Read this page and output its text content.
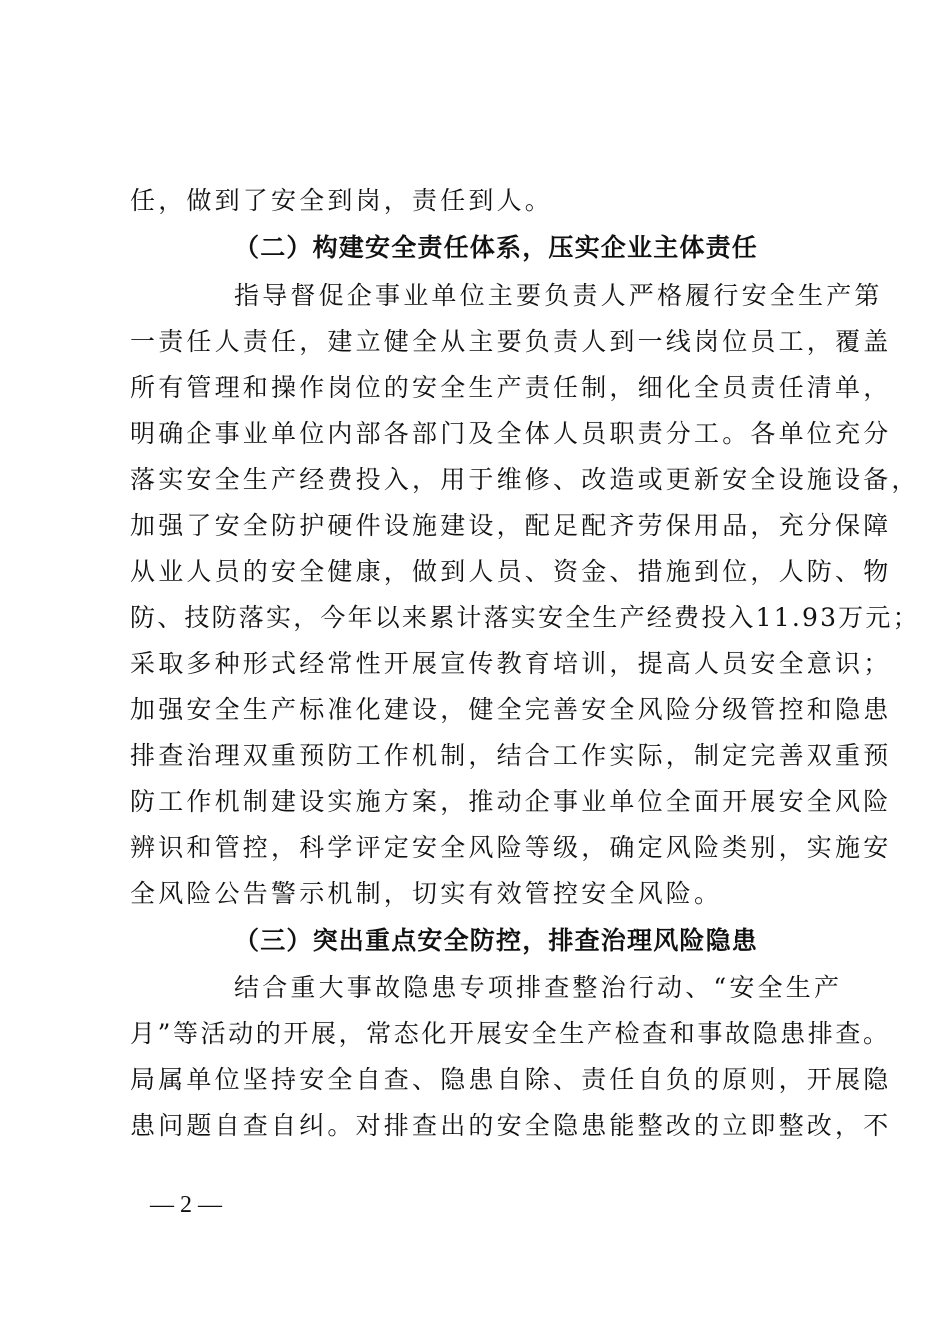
任，做到了安全到岗，责任到人。
（二）构建安全责任体系，压实企业主体责任
指导督促企事业单位主要负责人严格履行安全生产第
一责任人责任，建立健全从主要负责人到一线岗位员工，覆盖
所有管理和操作岗位的安全生产责任制，细化全员责任清单，
明确企事业单位内部各部门及全体人员职责分工。各单位充分
落实安全生产经费投入，用于维修、改造或更新安全设施设备，
加强了安全防护硬件设施建设，配足配齐劳保用品，充分保障
从业人员的安全健康，做到人员、资金、措施到位，人防、物
防、技防落实，今年以来累计落实安全生产经费投入11.93万元；
采取多种形式经常性开展宣传教育培训，提高人员安全意识；
加强安全生产标准化建设，健全完善安全风险分级管控和隐患
排查治理双重预防工作机制，结合工作实际，制定完善双重预
防工作机制建设实施方案，推动企事业单位全面开展安全风险
辨识和管控，科学评定安全风险等级，确定风险类别，实施安
全风险公告警示机制，切实有效管控安全风险。
（三）突出重点安全防控，排查治理风险隐患
结合重大事故隐患专项排查整治行动、“安全生产
月”等活动的开展，常态化开展安全生产检查和事故隐患排查。
局属单位坚持安全自查、隐患自除、责任自负的原则，开展隐
患问题自查自纠。对排查出的安全隐患能整改的立即整改，不
— 2 —
